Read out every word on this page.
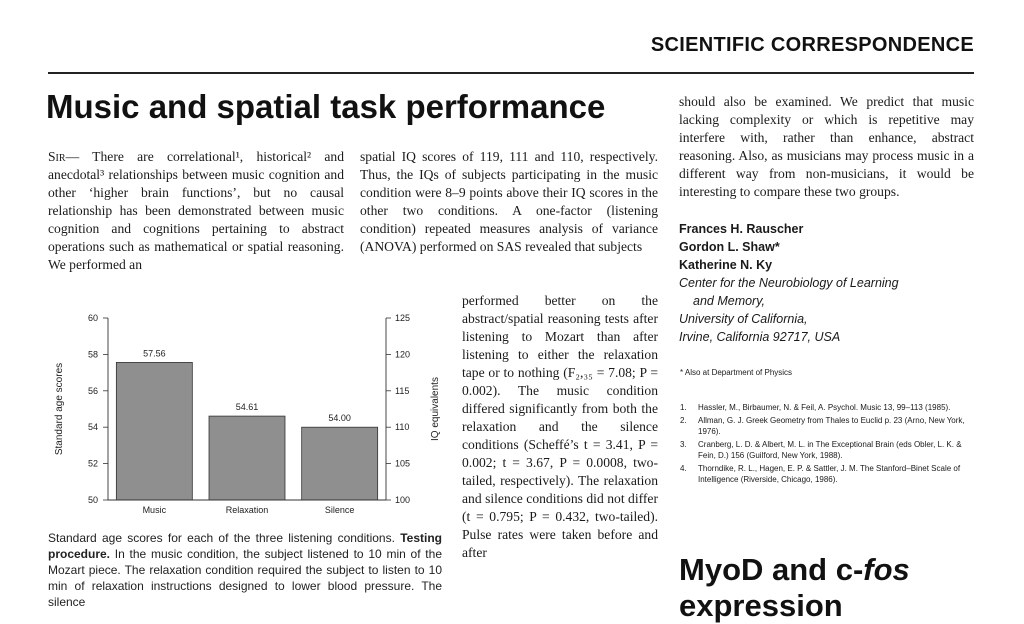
SCIENTIFIC CORRESPONDENCE
Music and spatial task performance

Sir— There are correlational¹, historical² and anecdotal³ relationships between music cognition and other ‘higher brain functions’, but no causal relationship has been demonstrated between music cognition and cognitions pertaining to abstract operations such as mathematical or spatial reasoning. We performed an

spatial IQ scores of 119, 111 and 110, respectively. Thus, the IQs of subjects participating in the music condition were 8–9 points above their IQ scores in the other two conditions. A one-factor (listening condition) repeated measures analysis of variance (ANOVA) performed on SAS revealed that subjects

performed better on the abstract/spatial reasoning tests after listening to Mozart than after listening to either the relaxation tape or to nothing (F₂,₃₅ = 7.08; P = 0.002). The music condition differed significantly from both the relaxation and the silence conditions (Scheffé’s t = 3.41, P = 0.002; t = 3.67, P = 0.0008, two-tailed, respectively). The relaxation and silence conditions did not differ (t = 0.795; P = 0.432, two-tailed). Pulse rates were taken before and after

should also be examined. We predict that music lacking complexity or which is repetitive may interfere with, rather than enhance, abstract reasoning. Also, as musicians may process music in a different way from non-musicians, it would be interesting to compare these two groups.

Frances H. Rauscher
Gordon L. Shaw*
Katherine N. Ky
Center for the Neurobiology of Learning
and Memory,
University of California,
Irvine, California 92717, USA
* Also at Department of Physics
1.	Hassler, M., Birbaumer, N. & Feil, A. Psychol. Music 13, 99–113 (1985).
2.	Allman, G. J. Greek Geometry from Thales to Euclid p. 23 (Arno, New York, 1976).
3.	Cranberg, L. D. & Albert, M. L. in The Exceptional Brain (eds Obler, L. K. & Fein, D.) 156 (Guilford, New York, 1988).
4.	Thorndike, R. L., Hagen, E. P. & Sattler, J. M. The Stanford–Binet Scale of Intelligence (Riverside, Chicago, 1986).
57.56
Music
54.61
Relaxation
54.00
Silence
50
52
54
56
58
60
100
105
110
115
120
125
Standard age scores	IQ equivalents
Standard age scores for each of the three listening conditions. Testing procedure. In the music condition, the subject listened to 10 min of the Mozart piece. The relaxation condition required the subject to listen to 10 min of relaxation instructions designed to lower blood pressure. The silence
MyoD and c-fos
expression
